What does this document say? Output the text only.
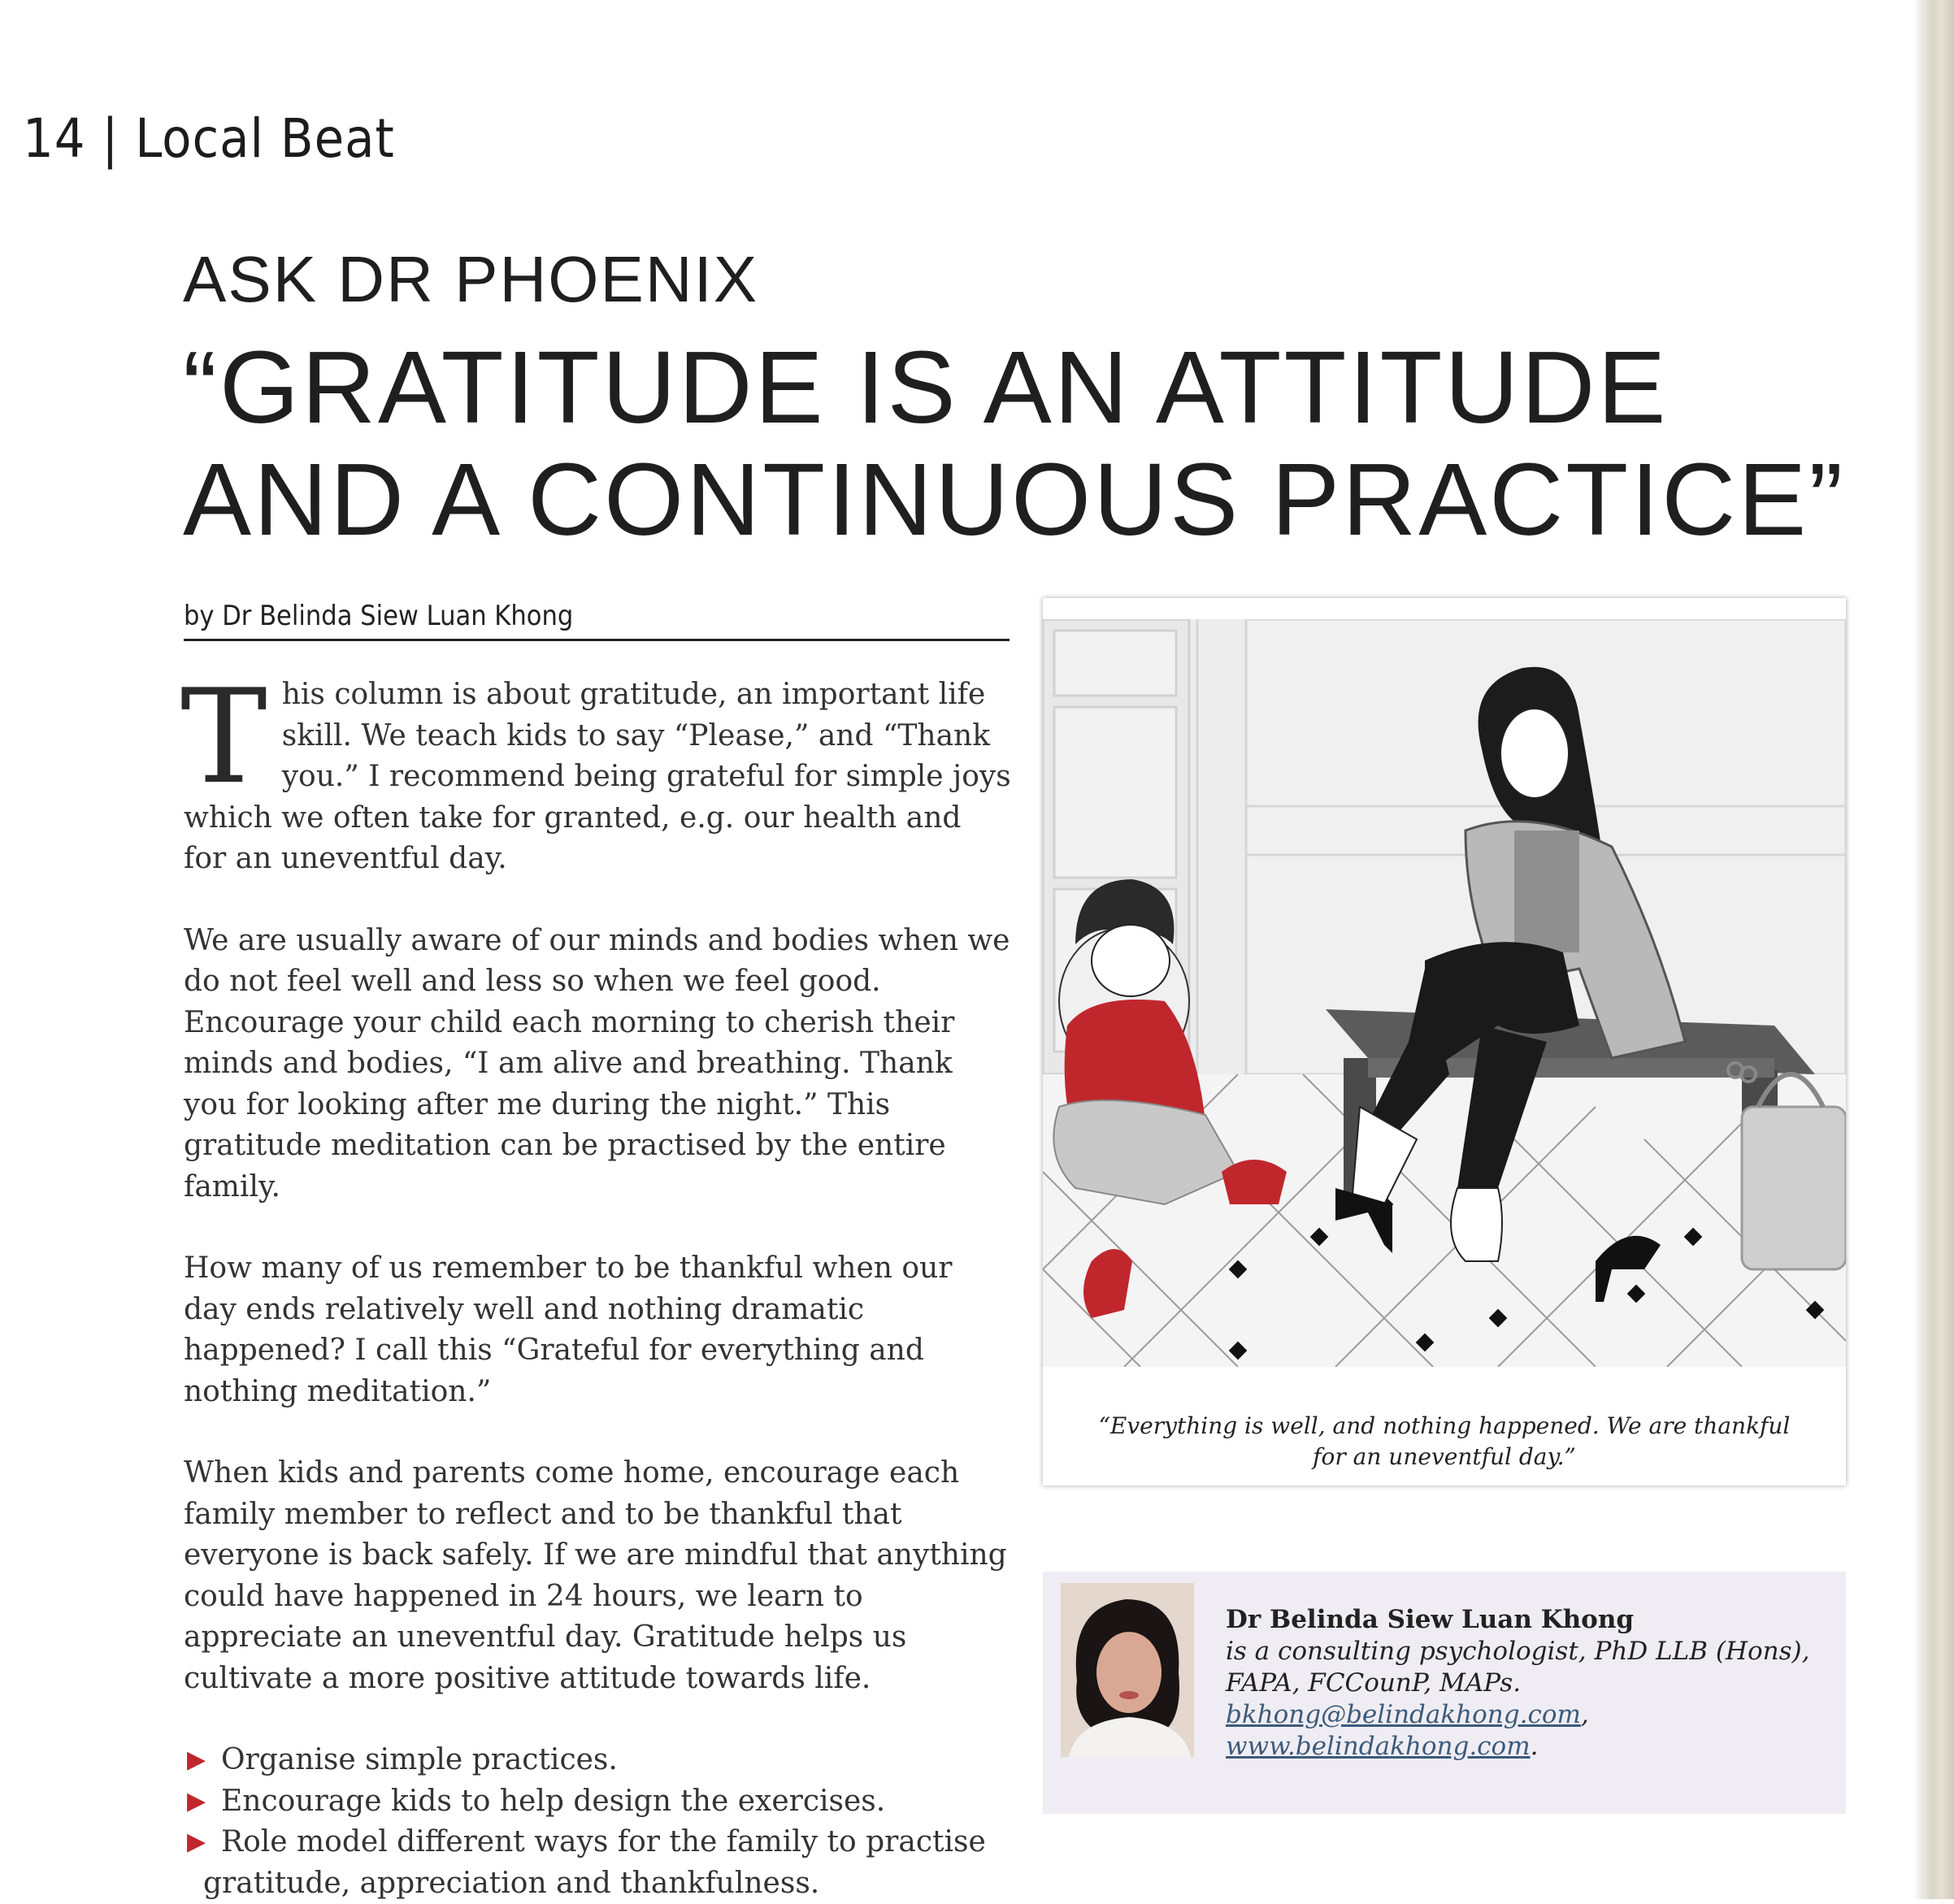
14 | Local Beat
ASK DR PHOENIX
“GRATITUDE IS AN ATTITUDE
AND A CONTINUOUS PRACTICE”
by Dr Belinda Siew Luan Khong

This column is about gratitude, an important life skill. We teach kids to say “Please,” and “Thank you.” I recommend being grateful for simple joys which we often take for granted, e.g. our health and for an uneventful day.

We are usually aware of our minds and bodies when we do not feel well and less so when we feel good. Encourage your child each morning to cherish their minds and bodies, “I am alive and breathing. Thank you for looking after me during the night.” This gratitude meditation can be practised by the entire family.

How many of us remember to be thankful when our day ends relatively well and nothing dramatic happened? I call this “Grateful for everything and nothing meditation.”

When kids and parents come home, encourage each family member to reflect and to be thankful that everyone is back safely. If we are mindful that anything could have happened in 24 hours, we learn to appreciate an uneventful day. Gratitude helps us cultivate a more positive attitude towards life.

▶ Organise simple practices.
▶ Encourage kids to help design the exercises.
▶ Role model different ways for the family to practise
gratitude, appreciation and thankfulness.
“Everything is well, and nothing happened. We are thankful for an uneventful day.”
Dr Belinda Siew Luan Khong
is a consulting psychologist, PhD LLB (Hons), FAPA, FCCounP, MAPs.
bkhong@belindakhong.com, www.belindakhong.com.
